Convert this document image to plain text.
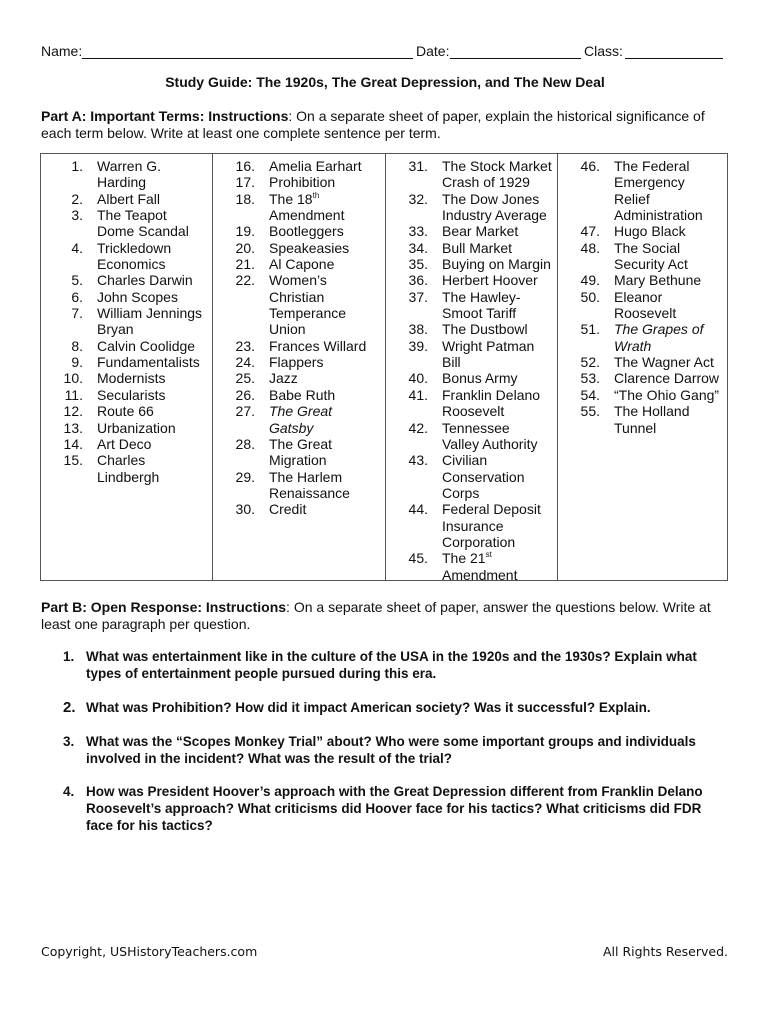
Name:	Date:	Class:
Study Guide: The 1920s, The Great Depression, and The New Deal
Part A: Important Terms: Instructions: On a separate sheet of paper, explain the historical significance of each term below. Write at least one complete sentence per term.
1. Warren G.
Harding
2. Albert Fall
3. The Teapot
Dome Scandal
4. Trickledown
Economics
5. Charles Darwin
6. John Scopes
7. William Jennings
Bryan
8. Calvin Coolidge
9. Fundamentalists
10. Modernists
11. Secularists
12. Route 66
13. Urbanization
14. Art Deco
15. Charles
Lindbergh
16. Amelia Earhart
17. Prohibition
18. The 18th
Amendment
19. Bootleggers
20. Speakeasies
21. Al Capone
22. Women’s
Christian
Temperance
Union
23. Frances Willard
24. Flappers
25. Jazz
26. Babe Ruth
27. The Great
Gatsby
28. The Great
Migration
29. The Harlem
Renaissance
30. Credit
31. The Stock Market
Crash of 1929
32. The Dow Jones
Industry Average
33. Bear Market
34. Bull Market
35. Buying on Margin
36. Herbert Hoover
37. The Hawley-
Smoot Tariff
38. The Dustbowl
39. Wright Patman
Bill
40. Bonus Army
41. Franklin Delano
Roosevelt
42. Tennessee
Valley Authority
43. Civilian
Conservation
Corps
44. Federal Deposit
Insurance
Corporation
45. The 21st
Amendment
46. The Federal
Emergency
Relief
Administration
47. Hugo Black
48. The Social
Security Act
49. Mary Bethune
50. Eleanor
Roosevelt
51. The Grapes of
Wrath
52. The Wagner Act
53. Clarence Darrow
54. “The Ohio Gang”
55. The Holland
Tunnel
Part B: Open Response: Instructions: On a separate sheet of paper, answer the questions below. Write at least one paragraph per question.
1. What was entertainment like in the culture of the USA in the 1920s and the 1930s? Explain what
types of entertainment people pursued during this era.
2. What was Prohibition? How did it impact American society? Was it successful? Explain.
3. What was the “Scopes Monkey Trial” about? Who were some important groups and individuals
involved in the incident? What was the result of the trial?
4. How was President Hoover’s approach with the Great Depression different from Franklin Delano
Roosevelt’s approach? What criticisms did Hoover face for his tactics? What criticisms did FDR
face for his tactics?
Copyright, USHistoryTeachers.com	All Rights Reserved.
